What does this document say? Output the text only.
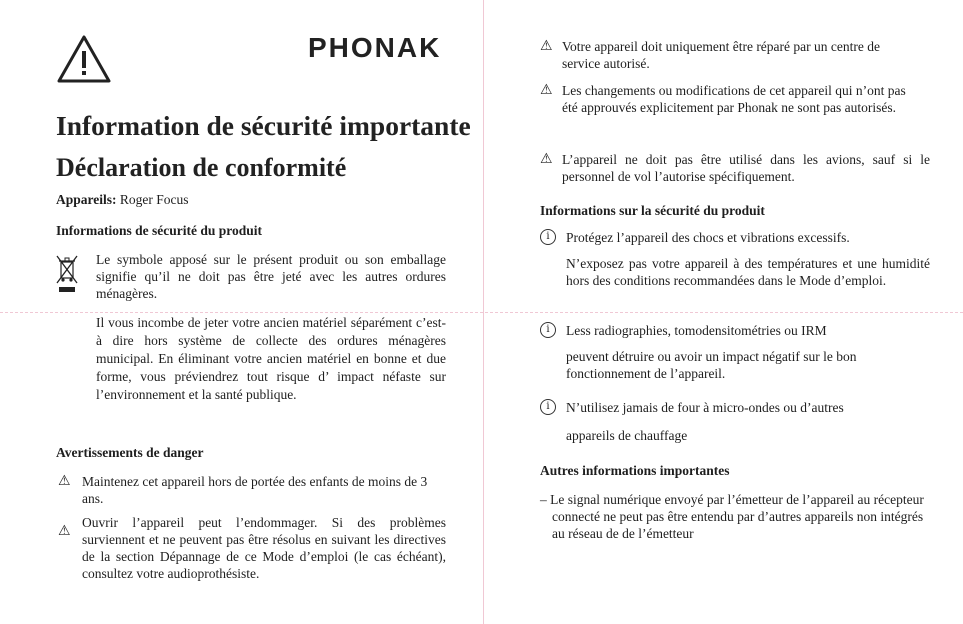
PHONAK
Information de sécurité importante
Déclaration de conformité
Appareils: Roger Focus
Informations de sécurité du produit
Le symbole apposé sur le présent produit ou son emballage signifie qu’il ne doit pas être jeté avec les autres ordures ménagères.
Il vous incombe de jeter votre ancien matériel séparément c’est-à dire hors système de collecte des ordures ménagères municipal. En éliminant votre ancien matériel en bonne et due forme, vous préviendrez tout risque d’ impact néfaste sur l’environnement et la santé publique.
Avertissements de danger
⚠ Maintenez cet appareil hors de portée des enfants de moins de 3 ans.
⚠
Ouvrir l’appareil peut l’endommager. Si des problèmes surviennent et ne peuvent pas être résolus en suivant les directives de la section Dépannage de ce Mode d’emploi (le cas échéant), consultez votre audioprothésiste.
⚠ Votre appareil doit uniquement être réparé par un centre de service autorisé.
⚠ Les changements ou modifications de cet appareil qui n’ont pas été approuvés explicitement par Phonak ne sont pas autorisés.
⚠ L’appareil ne doit pas être utilisé dans les avions, sauf si le personnel de vol l’autorise spécifiquement.
Informations sur la sécurité du produit
i	Protégez l’appareil des chocs et vibrations excessifs.
N’exposez pas votre appareil à des températures et une humidité hors des conditions recommandées dans le Mode d’emploi.
i	Less radiographies, tomodensitométries ou IRM
peuvent détruire ou avoir un impact négatif sur le bon fonctionnement de l’appareil.
i	N’utilisez jamais de four à micro-ondes ou d’autres
appareils de chauffage
Autres informations importantes
– Le signal numérique envoyé par l’émetteur de l’appareil au récepteur connecté ne peut pas être entendu par d’autres appareils non intégrés au réseau de de l’émetteur
